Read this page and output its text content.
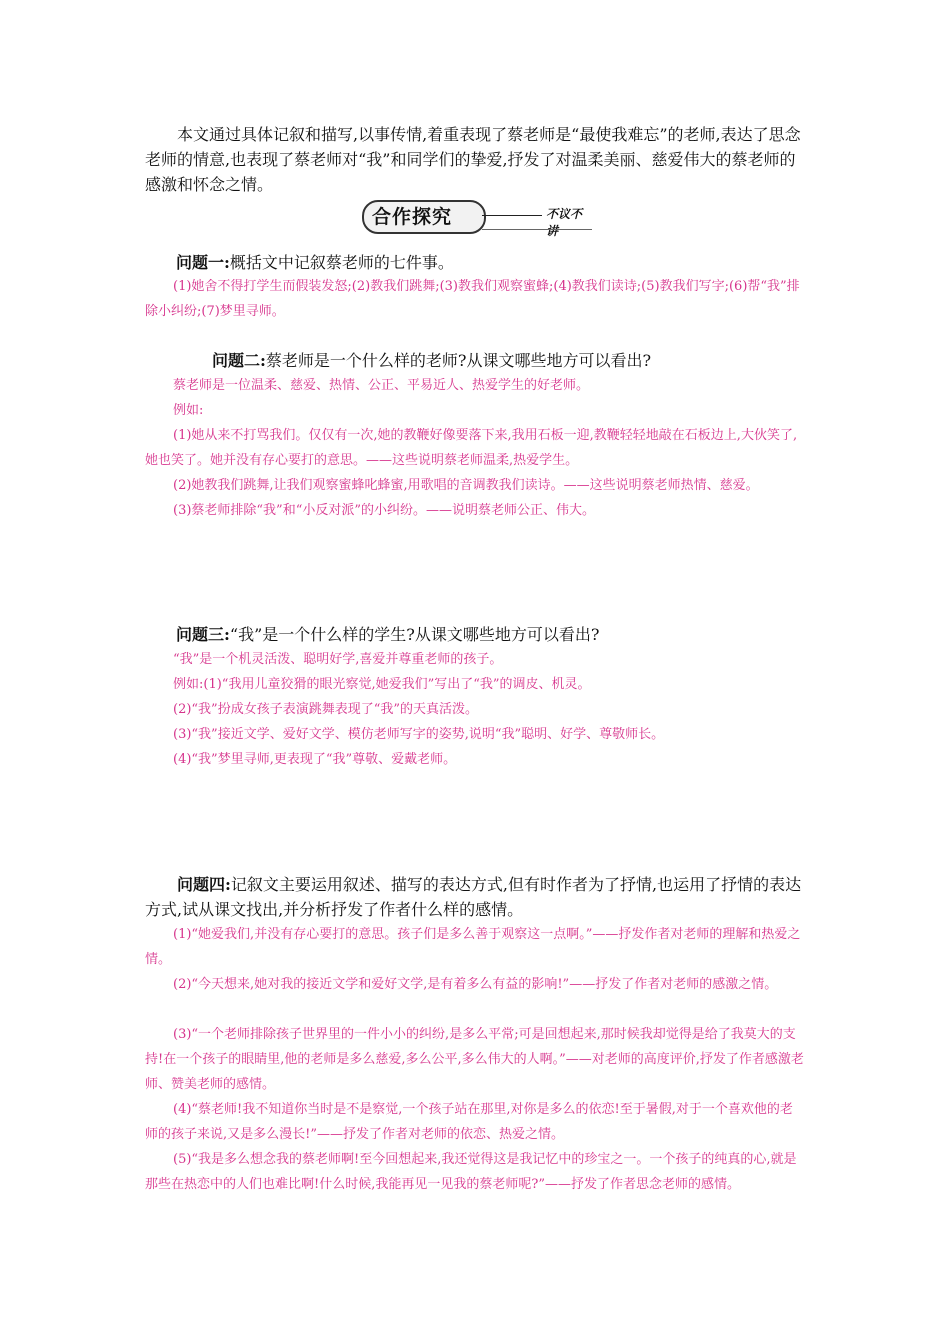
本文通过具体记叙和描写,以事传情,着重表现了蔡老师是“最使我难忘”的老师,表达了思念老师的情意,也表现了蔡老师对“我”和同学们的挚爱,抒发了对温柔美丽、慈爱伟大的蔡老师的感激和怀念之情。

合作探究	不议不讲

问题一:概括文中记叙蔡老师的七件事。

(1)她舍不得打学生而假装发怒;(2)教我们跳舞;(3)教我们观察蜜蜂;(4)教我们读诗;(5)教我们写字;(6)帮“我”排除小纠纷;(7)梦里寻师。

问题二:蔡老师是一个什么样的老师?从课文哪些地方可以看出?

蔡老师是一位温柔、慈爱、热情、公正、平易近人、热爱学生的好老师。

例如:

(1)她从来不打骂我们。仅仅有一次,她的教鞭好像要落下来,我用石板一迎,教鞭轻轻地敲在石板边上,大伙笑了,她也笑了。她并没有存心要打的意思。——这些说明蔡老师温柔,热爱学生。

(2)她教我们跳舞,让我们观察蜜蜂叱蜂蜜,用歌唱的音调教我们读诗。——这些说明蔡老师热情、慈爱。

(3)蔡老师排除“我”和“小反对派”的小纠纷。——说明蔡老师公正、伟大。

问题三:“我”是一个什么样的学生?从课文哪些地方可以看出?

“我”是一个机灵活泼、聪明好学,喜爱并尊重老师的孩子。

例如:(1)“我用儿童狡猾的眼光察觉,她爱我们”写出了“我”的调皮、机灵。

(2)“我”扮成女孩子表演跳舞表现了“我”的天真活泼。

(3)“我”接近文学、爱好文学、模仿老师写字的姿势,说明“我”聪明、好学、尊敬师长。

(4)“我”梦里寻师,更表现了“我”尊敬、爱戴老师。

问题四:记叙文主要运用叙述、描写的表达方式,但有时作者为了抒情,也运用了抒情的表达方式,试从课文找出,并分析抒发了作者什么样的感情。

(1)“她爱我们,并没有存心要打的意思。孩子们是多么善于观察这一点啊。”——抒发作者对老师的理解和热爱之情。

(2)“今天想来,她对我的接近文学和爱好文学,是有着多么有益的影响!”——抒发了作者对老师的感激之情。

(3)“一个老师排除孩子世界里的一件小小的纠纷,是多么平常;可是回想起来,那时候我却觉得是给了我莫大的支持!在一个孩子的眼睛里,他的老师是多么慈爱,多么公平,多么伟大的人啊。”——对老师的高度评价,抒发了作者感激老师、赞美老师的感情。

(4)“蔡老师!我不知道你当时是不是察觉,一个孩子站在那里,对你是多么的依恋!至于暑假,对于一个喜欢他的老师的孩子来说,又是多么漫长!”——抒发了作者对老师的依恋、热爱之情。

(5)“我是多么想念我的蔡老师啊!至今回想起来,我还觉得这是我记忆中的珍宝之一。一个孩子的纯真的心,就是那些在热恋中的人们也难比啊!什么时候,我能再见一见我的蔡老师呢?”——抒发了作者思念老师的感情。
